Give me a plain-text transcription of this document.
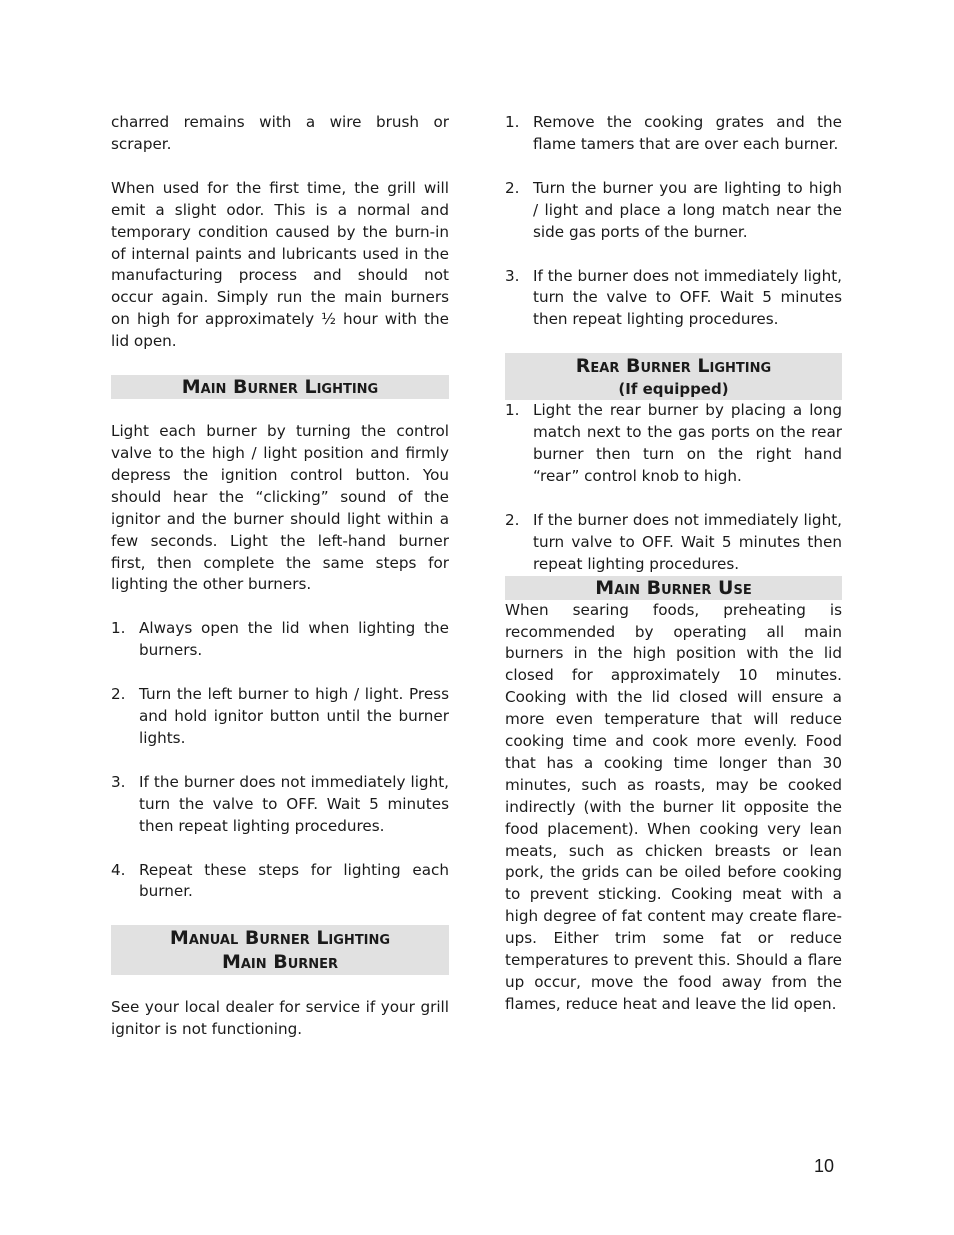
charred remains with a wire brush or scraper.

When used for the first time, the grill will emit a slight odor. This is a normal and temporary condition caused by the burn-in of internal paints and lubricants used in the manufacturing process and should not occur again. Simply run the main burners on high for approximately ½ hour with the lid open.

Main Burner Lighting

Light each burner by turning the control valve to the high / light position and firmly depress the ignition control button. You should hear the “clicking” sound of the ignitor and the burner should light within a few seconds. Light the left-hand burner first, then complete the same steps for lighting the other burners.

1. Always open the lid when lighting the burners.
2. Turn the left burner to high / light. Press and hold ignitor button until the burner lights.
3. If the burner does not immediately light, turn the valve to OFF. Wait 5 minutes then repeat lighting procedures.
4. Repeat these steps for lighting each burner.
Manual Burner Lighting
Main Burner

See your local dealer for service if your grill ignitor is not functioning.

1. Remove the cooking grates and the flame tamers that are over each burner.
2. Turn the burner you are lighting to high / light and place a long match near the side gas ports of the burner.
3. If the burner does not immediately light, turn the valve to OFF. Wait 5 minutes then repeat lighting procedures.
Rear Burner Lighting
(If equipped)
1. Light the rear burner by placing a long match next to the gas ports on the rear burner then turn on the right hand “rear” control knob to high.
2. If the burner does not immediately light, turn valve to OFF. Wait 5 minutes then repeat lighting procedures.
Main Burner Use

When searing foods, preheating is recommended by operating all main burners in the high position with the lid closed for approximately 10 minutes. Cooking with the lid closed will ensure a more even temperature that will reduce cooking time and cook more evenly. Food that has a cooking time longer than 30 minutes, such as roasts, may be cooked indirectly (with the burner lit opposite the food placement). When cooking very lean meats, such as chicken breasts or lean pork, the grids can be oiled before cooking to prevent sticking. Cooking meat with a high degree of fat content may create flare-ups. Either trim some fat or reduce temperatures to prevent this. Should a flare up occur, move the food away from the flames, reduce heat and leave the lid open.

10
